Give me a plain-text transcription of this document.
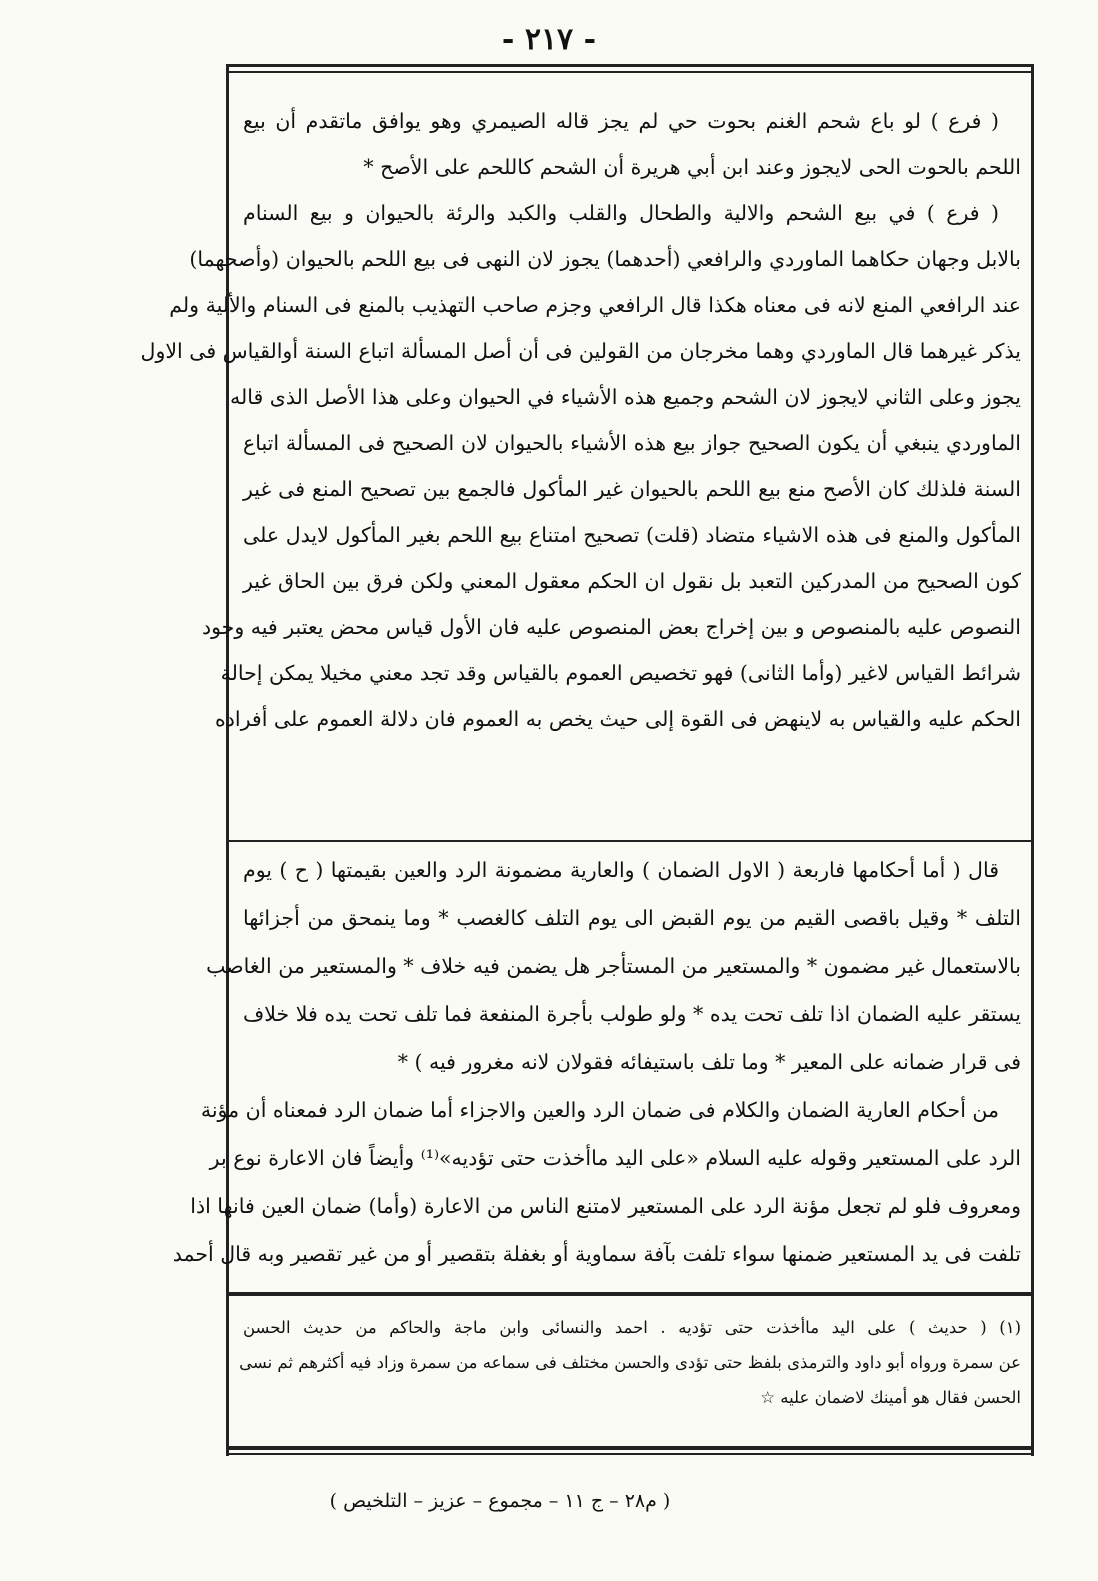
- ٢١٧ -
( فرع ) لو باع شحم الغنم بحوت حي لم يجز قاله الصيمري وهو يوافق ماتقدم أن بيع
اللحم بالحوت الحى لايجوز وعند ابن أبي هريرة أن الشحم كاللحم على الأصح *
( فرع ) في بيع الشحم والالية والطحال والقلب والكبد والرئة بالحيوان و بيع السنام
بالابل وجهان حكاهما الماوردي والرافعي (أحدهما) يجوز لان النهى فى بيع اللحم بالحيوان (وأصحهما)
عند الرافعي المنع لانه فى معناه هكذا قال الرافعي وجزم صاحب التهذيب بالمنع فى السنام والألية ولم
يذكر غيرهما قال الماوردي وهما مخرجان من القولين فى أن أصل المسألة اتباع السنة أوالقياس فى الاول
يجوز وعلى الثاني لايجوز لان الشحم وجميع هذه الأشياء في الحيوان وعلى هذا الأصل الذى قاله
الماوردي ينبغي أن يكون الصحيح جواز بيع هذه الأشياء بالحيوان لان الصحيح فى المسألة اتباع
السنة فلذلك كان الأصح منع بيع اللحم بالحيوان غير المأكول فالجمع بين تصحيح المنع فى غير
المأكول والمنع فى هذه الاشياء متضاد (قلت) تصحيح امتناع بيع اللحم بغير المأكول لايدل على
كون الصحيح من المدركين التعبد بل نقول ان الحكم معقول المعني ولكن فرق بين الحاق غير
النصوص عليه بالمنصوص و بين إخراج بعض المنصوص عليه فان الأول قياس محض يعتبر فيه وجود
شرائط القياس لاغير (وأما الثانى) فهو تخصيص العموم بالقياس وقد تجد معني مخيلا يمكن إحالة
الحكم عليه والقياس به لاينهض فى القوة إلى حيث يخص به العموم فان دلالة العموم على أفراده
قال ( أما أحكامها فاربعة ( الاول الضمان ) والعارية مضمونة الرد والعين بقيمتها ( ح ) يوم
التلف * وقيل باقصى القيم من يوم القبض الى يوم التلف كالغصب * وما ينمحق من أجزائها
بالاستعمال غير مضمون * والمستعير من المستأجر هل يضمن فيه خلاف * والمستعير من الغاصب
يستقر عليه الضمان اذا تلف تحت يده * ولو طولب بأجرة المنفعة فما تلف تحت يده فلا خلاف
فى قرار ضمانه على المعير * وما تلف باستيفائه فقولان لانه مغرور فيه ) *
من أحكام العارية الضمان والكلام فى ضمان الرد والعين والاجزاء أما ضمان الرد فمعناه أن مؤنة
الرد على المستعير وقوله عليه السلام «على اليد ماأخذت حتى تؤديه»⁽¹⁾ وأيضاً فان الاعارة نوع بر
ومعروف فلو لم تجعل مؤنة الرد على المستعير لامتنع الناس من الاعارة (وأما) ضمان العين فانها اذا
تلفت فى يد المستعير ضمنها سواء تلفت بآفة سماوية أو بغفلة بتقصير أو من غير تقصير وبه قال أحمد
(١) ( حديث ) على اليد ماأخذت حتى تؤديه . احمد والنسائى وابن ماجة والحاكم من حديث الحسن
عن سمرة ورواه أبو داود والترمذى بلفظ حتى تؤدى والحسن مختلف فى سماعه من سمرة وزاد فيه أكثرهم ثم نسى
الحسن فقال هو أمينك لاضمان عليه ☆
( م٢٨ – ج ١١ – مجموع – عزيز – التلخيص )
